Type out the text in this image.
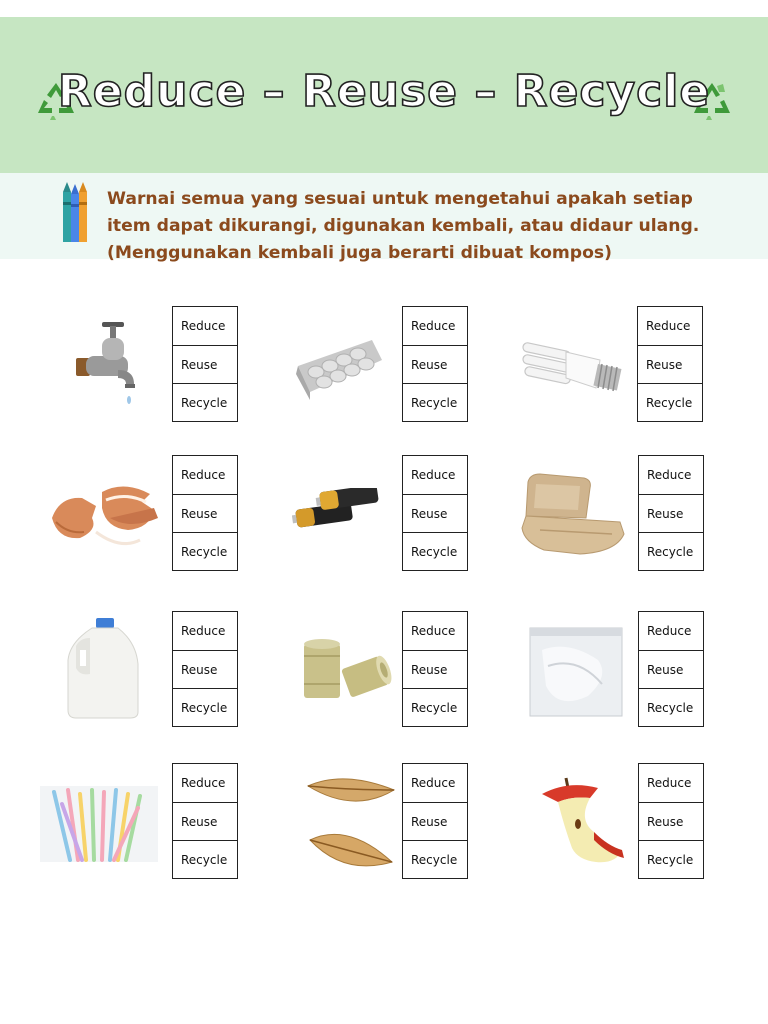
Reduce – Reuse – Recycle
Warnai semua yang sesuai untuk mengetahui apakah setiap item dapat dikurangi, digunakan kembali, atau didaur ulang. (Menggunakan kembali juga berarti dibuat kompos)
Reduce
Reuse
Recycle
Reduce
Reuse
Recycle
Reduce
Reuse
Recycle
Reduce
Reuse
Recycle
Reduce
Reuse
Recycle
Reduce
Reuse
Recycle
Reduce
Reuse
Recycle
Reduce
Reuse
Recycle
Reduce
Reuse
Recycle
Reduce
Reuse
Recycle
Reduce
Reuse
Recycle
Reduce
Reuse
Recycle
